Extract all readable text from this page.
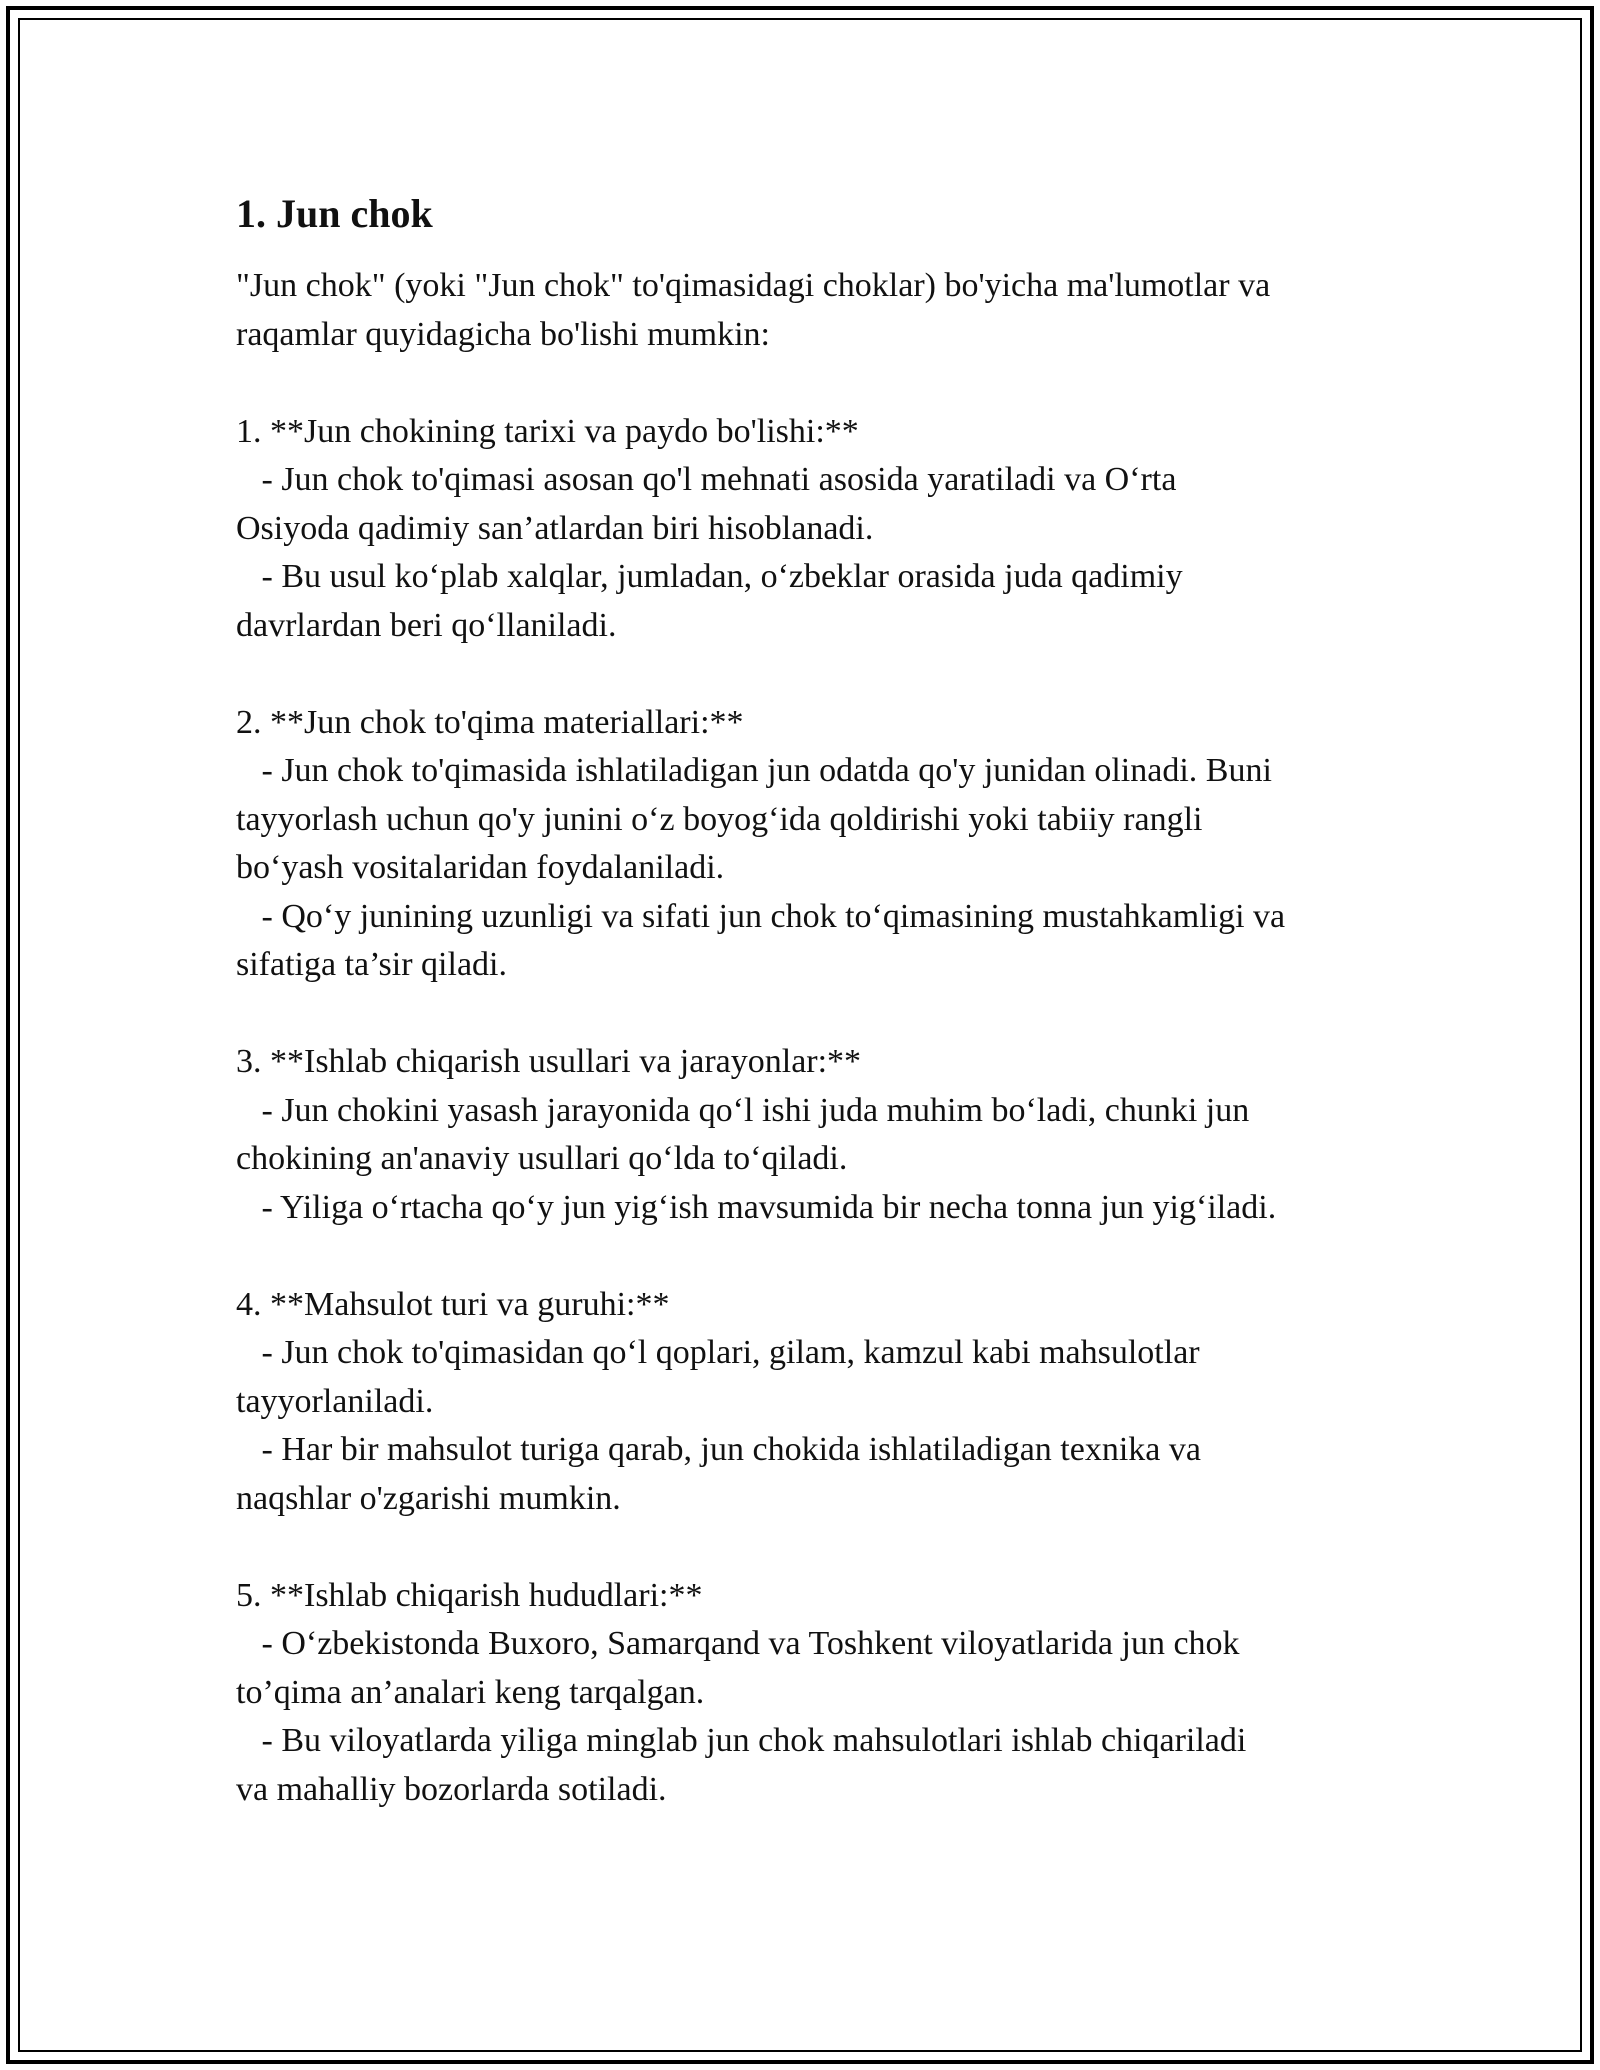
1. Jun chok
"Jun chok" (yoki "Jun chok" to'qimasidagi choklar) bo'yicha ma'lumotlar va raqamlar quyidagicha bo'lishi mumkin:
1. **Jun chokining tarixi va paydo bo'lishi:**
- Jun chok to'qimasi asosan qo'l mehnati asosida yaratiladi va O‘rta
Osiyoda qadimiy san’atlardan biri hisoblanadi.
- Bu usul ko‘plab xalqlar, jumladan, o‘zbeklar orasida juda qadimiy
davrlardan beri qo‘llaniladi.
2. **Jun chok to'qima materiallari:**
- Jun chok to'qimasida ishlatiladigan jun odatda qo'y junidan olinadi. Buni
tayyorlash uchun qo'y junini o‘z boyog‘ida qoldirishi yoki tabiiy rangli
bo‘yash vositalaridan foydalaniladi.
- Qo‘y junining uzunligi va sifati jun chok to‘qimasining mustahkamligi va
sifatiga ta’sir qiladi.
3. **Ishlab chiqarish usullari va jarayonlar:**
- Jun chokini yasash jarayonida qo‘l ishi juda muhim bo‘ladi, chunki jun
chokining an'anaviy usullari qo‘lda to‘qiladi.
- Yiliga o‘rtacha qo‘y jun yig‘ish mavsumida bir necha tonna jun yig‘iladi.
4. **Mahsulot turi va guruhi:**
- Jun chok to'qimasidan qo‘l qoplari, gilam, kamzul kabi mahsulotlar
tayyorlaniladi.
- Har bir mahsulot turiga qarab, jun chokida ishlatiladigan texnika va
naqshlar o'zgarishi mumkin.
5. **Ishlab chiqarish hududlari:**
- O‘zbekistonda Buxoro, Samarqand va Toshkent viloyatlarida jun chok
to’qima an’analari keng tarqalgan.
- Bu viloyatlarda yiliga minglab jun chok mahsulotlari ishlab chiqariladi
va mahalliy bozorlarda sotiladi.
